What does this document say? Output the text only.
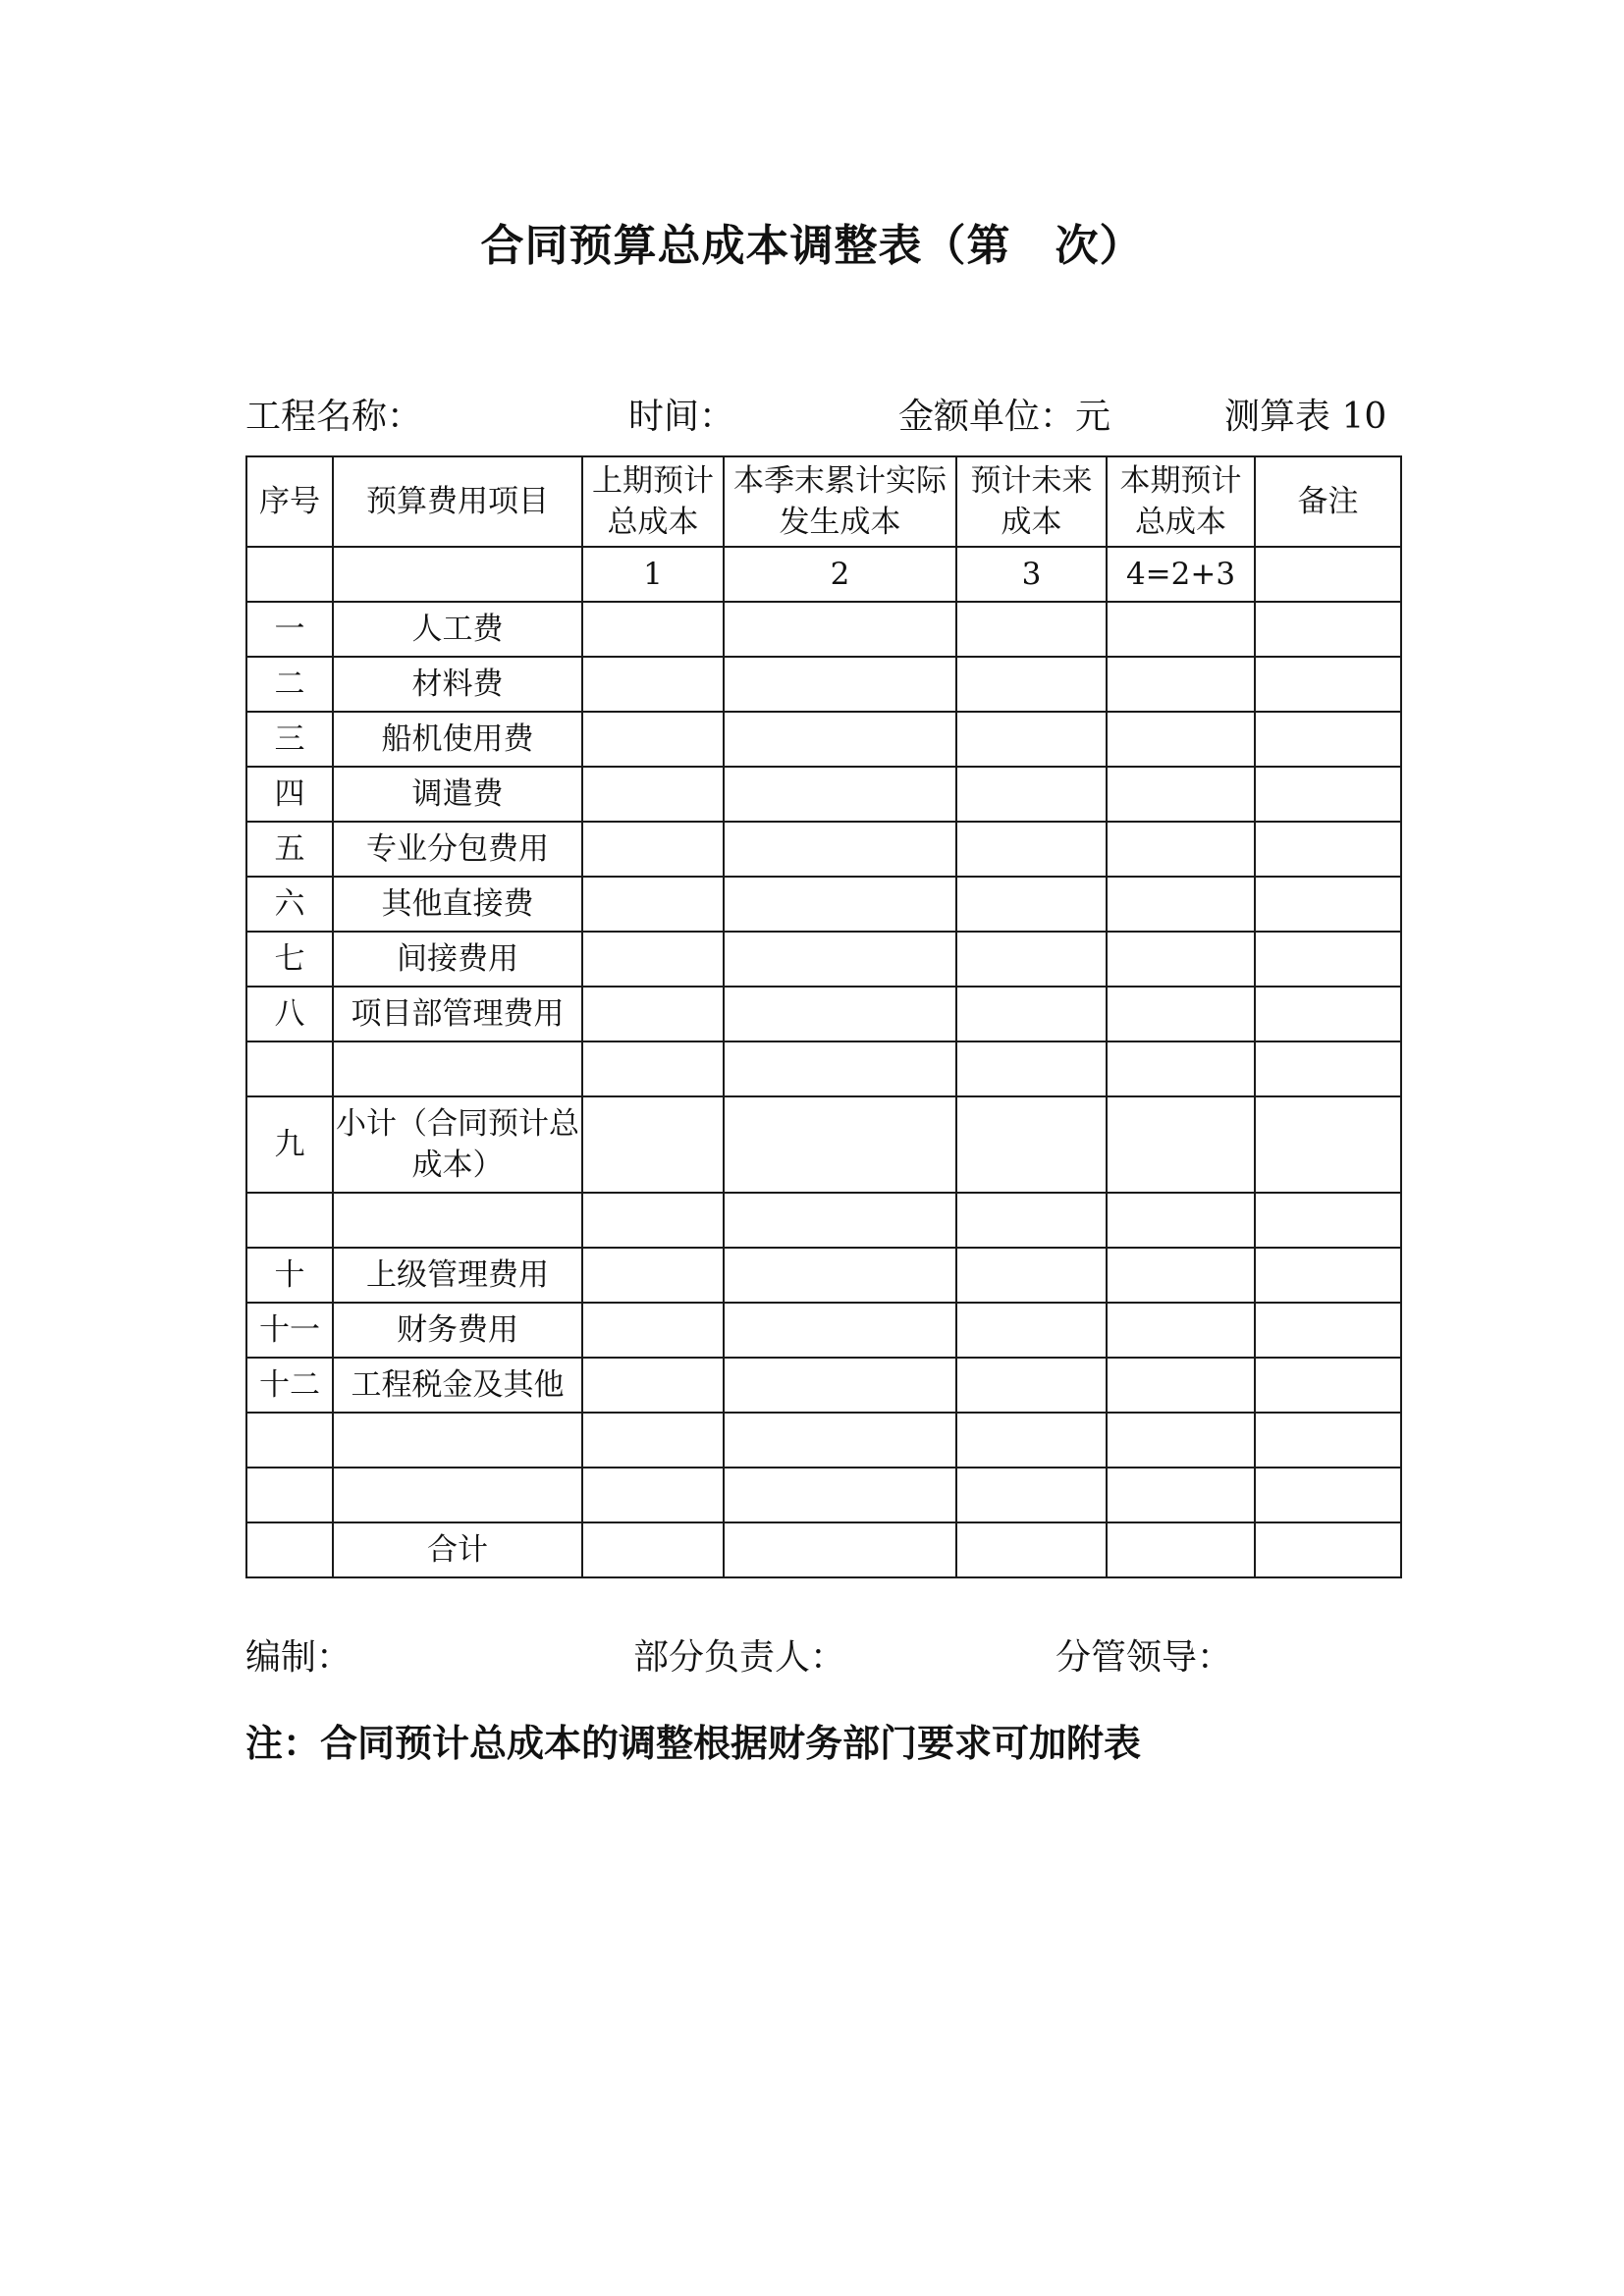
合同预算总成本调整表（第　次）
工程名称：	时间：	金额单位：元	测算表 10
序号	预算费用项目	上期预计总成本	本季末累计实际发生成本	预计未来成本	本期预计总成本	备注
		1	2	3	4=2+3	
一	人工费					
二	材料费					
三	船机使用费					
四	调遣费					
五	专业分包费用					
六	其他直接费					
七	间接费用					
八	项目部管理费用					

九	小计（合同预计总成本）					

十	上级管理费用					
十一	财务费用					
十二	工程税金及其他					

	合计					
编制：	部分负责人：	分管领导：
注：合同预计总成本的调整根据财务部门要求可加附表
